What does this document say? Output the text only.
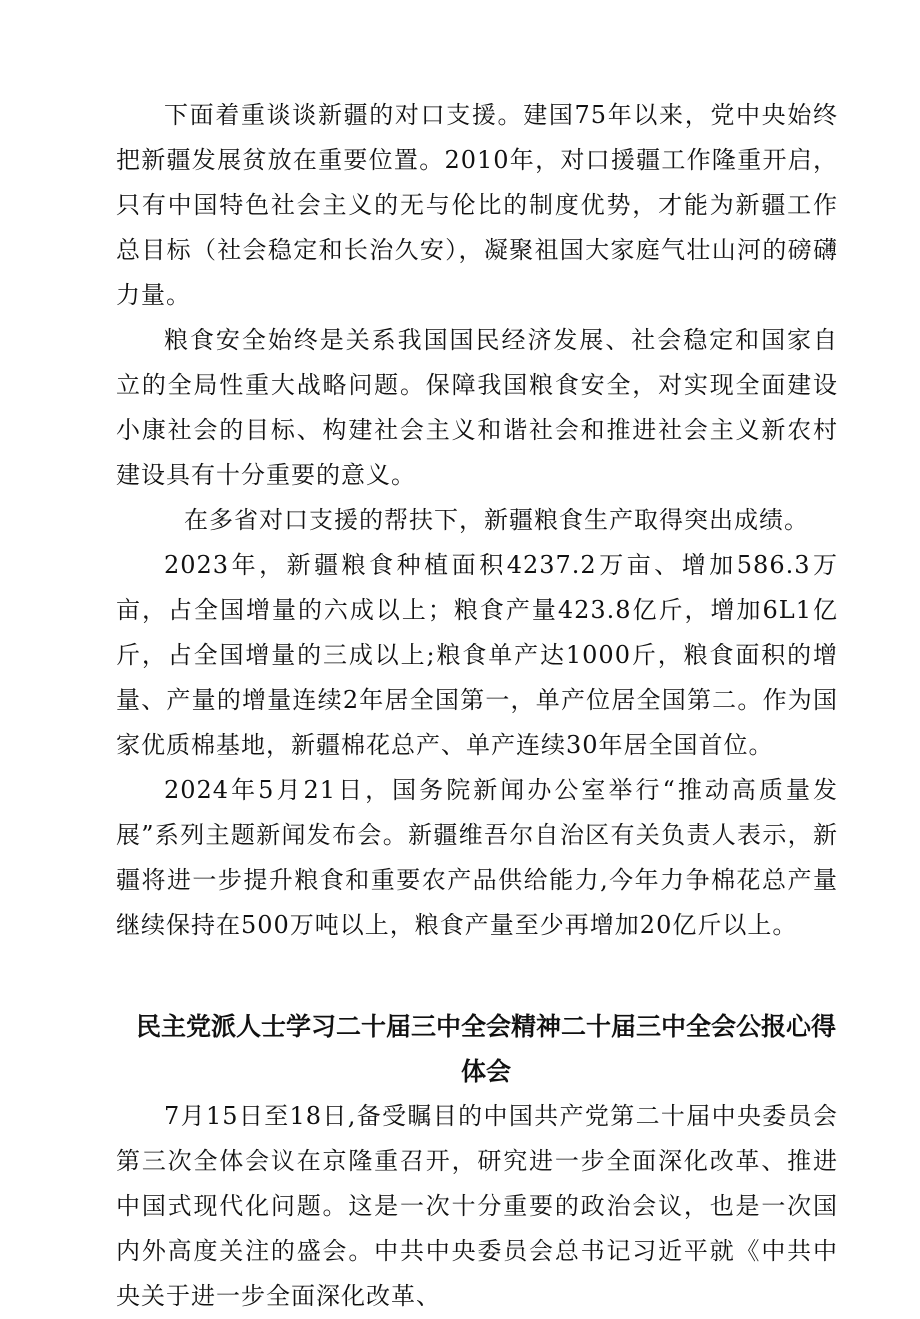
下面着重谈谈新疆的对口支援。建国75年以来，党中央始终把新疆发展贫放在重要位置。2010年，对口援疆工作隆重开启，只有中国特色社会主义的无与伦比的制度优势，才能为新疆工作总目标（社会稳定和长治久安），凝聚祖国大家庭气壮山河的磅礴力量。

粮食安全始终是关系我国国民经济发展、社会稳定和国家自立的全局性重大战略问题。保障我国粮食安全，对实现全面建设小康社会的目标、构建社会主义和谐社会和推进社会主义新农村建设具有十分重要的意义。

在多省对口支援的帮扶下，新疆粮食生产取得突出成绩。

2023年，新疆粮食种植面积4237.2万亩、增加586.3万亩，占全国增量的六成以上；粮食产量423.8亿斤，增加6L1亿斤，占全国增量的三成以上;粮食单产达1000斤，粮食面积的增量、产量的增量连续2年居全国第一，单产位居全国第二。作为国家优质棉基地，新疆棉花总产、单产连续30年居全国首位。

2024年5月21日，国务院新闻办公室举行“推动高质量发展”系列主题新闻发布会。新疆维吾尔自治区有关负责人表示，新疆将进一步提升粮食和重要农产品供给能力,今年力争棉花总产量继续保持在500万吨以上，粮食产量至少再增加20亿斤以上。

民主党派人士学习二十届三中全会精神二十届三中全会公报心得

体会

7月15日至18日,备受瞩目的中国共产党第二十届中央委员会第三次全体会议在京隆重召开，研究进一步全面深化改革、推进中国式现代化问题。这是一次十分重要的政治会议，也是一次国内外高度关注的盛会。中共中央委员会总书记习近平就《中共中央关于进一步全面深化改革、
